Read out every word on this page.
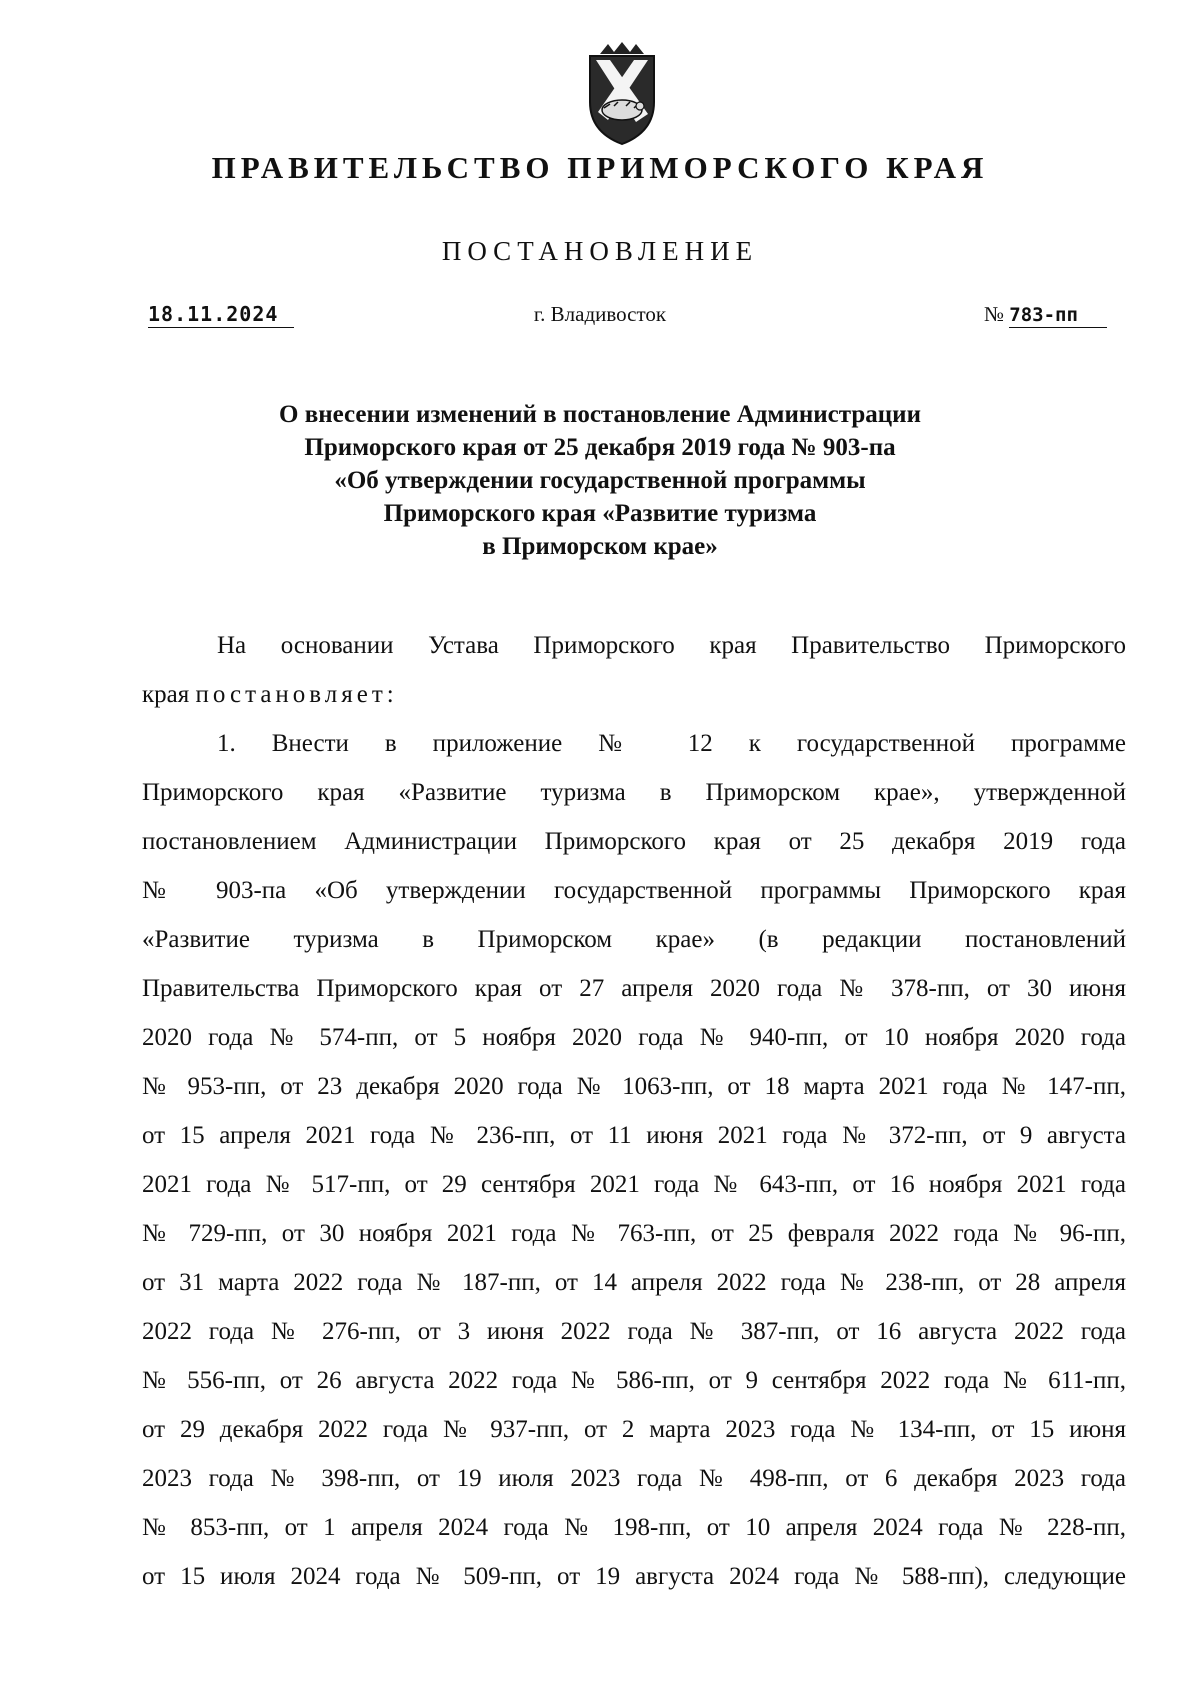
ПРАВИТЕЛЬСТВО ПРИМОРСКОГО КРАЯ
ПОСТАНОВЛЕНИЕ
18.11.2024	г. Владивосток	№ 783-пп
О внесении изменений в постановление Администрации
Приморского края от 25 декабря 2019 года № 903-па
«Об утверждении государственной программы
Приморского края «Развитие туризма
в Приморском крае»

На основании Устава Приморского края Правительство Приморского

края постановляет:

1. Внести в приложение № 12 к государственной программе

Приморского края «Развитие туризма в Приморском крае», утвержденной

постановлением Администрации Приморского края от 25 декабря 2019 года

№ 903-па «Об утверждении государственной программы Приморского края

«Развитие туризма в Приморском крае» (в редакции постановлений

Правительства Приморского края от 27 апреля 2020 года № 378-пп, от 30 июня

2020 года № 574-пп, от 5 ноября 2020 года № 940-пп, от 10 ноября 2020 года

№ 953-пп, от 23 декабря 2020 года № 1063-пп, от 18 марта 2021 года № 147-пп,

от 15 апреля 2021 года № 236-пп, от 11 июня 2021 года № 372-пп, от 9 августа

2021 года № 517-пп, от 29 сентября 2021 года № 643-пп, от 16 ноября 2021 года

№ 729-пп, от 30 ноября 2021 года № 763-пп, от 25 февраля 2022 года № 96-пп,

от 31 марта 2022 года № 187-пп, от 14 апреля 2022 года № 238-пп, от 28 апреля

2022 года № 276-пп, от 3 июня 2022 года № 387-пп, от 16 августа 2022 года

№ 556-пп, от 26 августа 2022 года № 586-пп, от 9 сентября 2022 года № 611-пп,

от 29 декабря 2022 года № 937-пп, от 2 марта 2023 года № 134-пп, от 15 июня

2023 года № 398-пп, от 19 июля 2023 года № 498-пп, от 6 декабря 2023 года

№ 853-пп, от 1 апреля 2024 года № 198-пп, от 10 апреля 2024 года № 228-пп,

от 15 июля 2024 года № 509-пп, от 19 августа 2024 года № 588-пп), следующие
